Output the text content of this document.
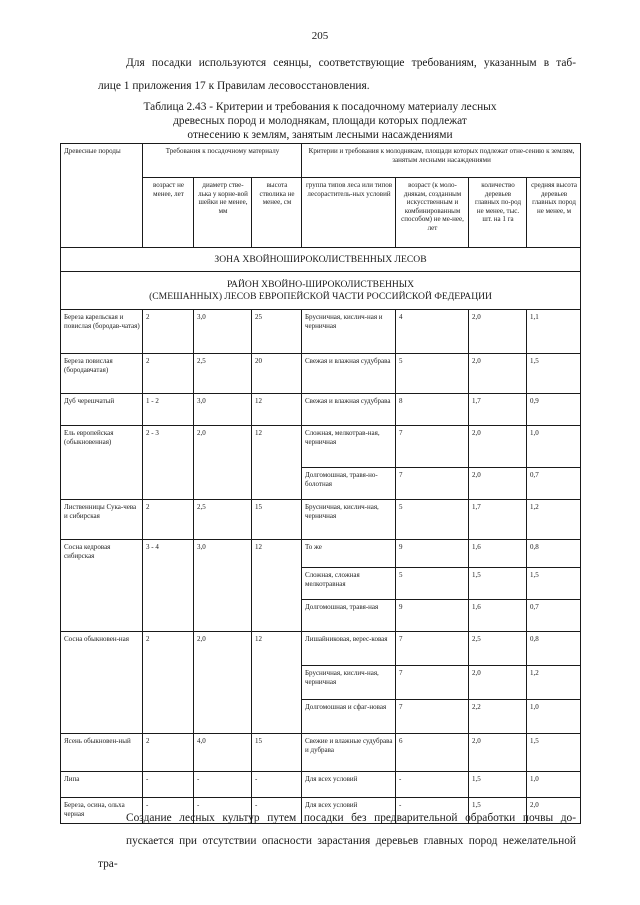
205
Для посадки используются сеянцы, соответствующие требованиям, указанным в таб-
лице 1 приложения 17 к Правилам лесовосстановления.
Таблица 2.43 - Критерии и требования к посадочному материалу лесных
древесных пород и молоднякам, площади которых подлежат
отнесению к землям, занятым лесными насаждениями
Древесные породы	Требования к посадочному материалу			Критерии и требования к молоднякам, площади которых подлежат отне-сению к землям, занятым лесными насаждениями			
	возраст не менее, лет	диаметр стве-лька у корне-вой шейки не менее, мм	высота стволика не менее, см	группа типов леса или типов лесораститель-ных условий	возраст (к моло-днякам, созданным искусственным и комбинированным способом) не ме-нее, лет	количество деревьев главных по-род не менее, тыс. шт. на 1 га	средняя высота деревьев главных пород не менее, м
ЗОНА ХВОЙНОШИРОКОЛИСТВЕННЫХ ЛЕСОВ							

РАЙОН ХВОЙНО-ШИРОКОЛИСТВЕННЫХ
(СМЕШАННЫХ) ЛЕСОВ ЕВРОПЕЙСКОЙ ЧАСТИ РОССИЙСКОЙ ФЕДЕРАЦИИ							

Береза карельская и повислая (бородав-чатая)	2	3,0	25	Брусничная, кислич-ная и черничная	4	2,0	1,1
Береза повислая (бородавчатая)	2	2,5	20	Свежая и влажная судубрава	5	2,0	1,5
Дуб черешчатый	1 - 2	3,0	12	Свежая и влажная судубрава	8	1,7	0,9
Ель европейская (обыкновенная)	2 - 3	2,0	12	Сложная, мелкотрав-ная, черничная	7	2,0	1,0
				Долгомошная, травя-но-болотная	7	2,0	0,7
Лиственницы Сука-чева и сибирская	2	2,5	15	Брусничная, кислич-ная, черничная	5	1,7	1,2
Сосна кедровая сибирская	3 - 4	3,0	12	То же	9	1,6	0,8
				Сложная, сложная мелкотравная	5	1,5	1,5
				Долгомошная, травя-ная	9	1,6	0,7
Сосна обыкновен-ная	2	2,0	12	Лишайниковая, верес-ковая	7	2,5	0,8
				Брусничная, кислич-ная, черничная	7	2,0	1,2
				Долгомошная и сфаг-новая	7	2,2	1,0
Ясень обыкновен-ный	2	4,0	15	Свежие и влажные судубрава и дубрава	6	2,0	1,5
Липа	-	-	-	Для всех условий	-	1,5	1,0
Береза, осина, ольха черная	-	-	-	Для всех условий	-	1,5	2,0
Создание лесных культур путем посадки без предварительной обработки почвы до-
пускается при отсутствии опасности зарастания деревьев главных пород нежелательной тра-
